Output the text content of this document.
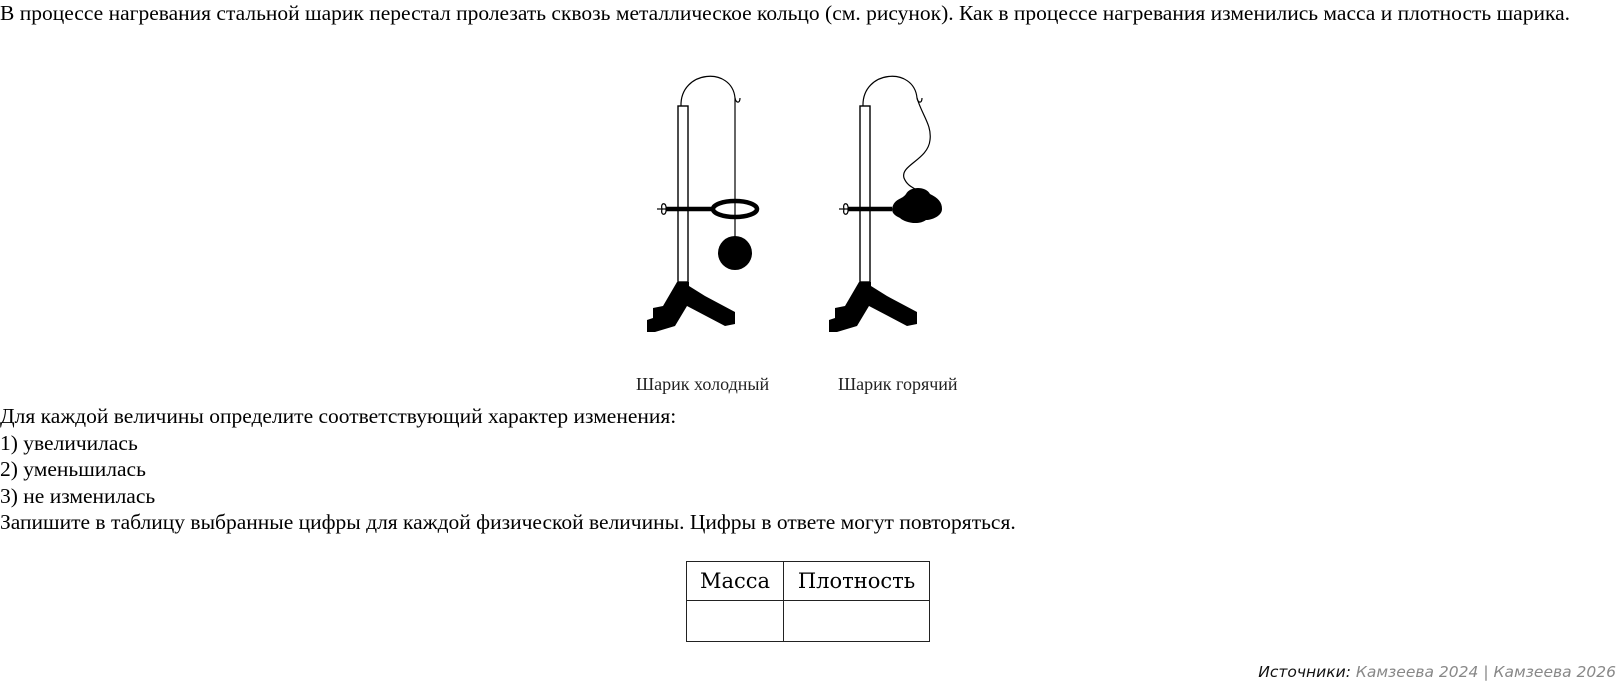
В процессе нагревания стальной шарик перестал пролезать сквозь металлическое кольцо (см. рисунок). Как в процессе нагревания изменились масса и плотность шарика.

Шарик холодный	Шарик горячий
Для каждой величины определите соответствующий характер изменения:
1) увеличилась
2) уменьшилась
3) не изменилась
Запишите в таблицу выбранные цифры для каждой физической величины. Цифры в ответе могут повторяться.
Масса	Плотность

Источники: Камзеева 2024 | Камзеева 2026
